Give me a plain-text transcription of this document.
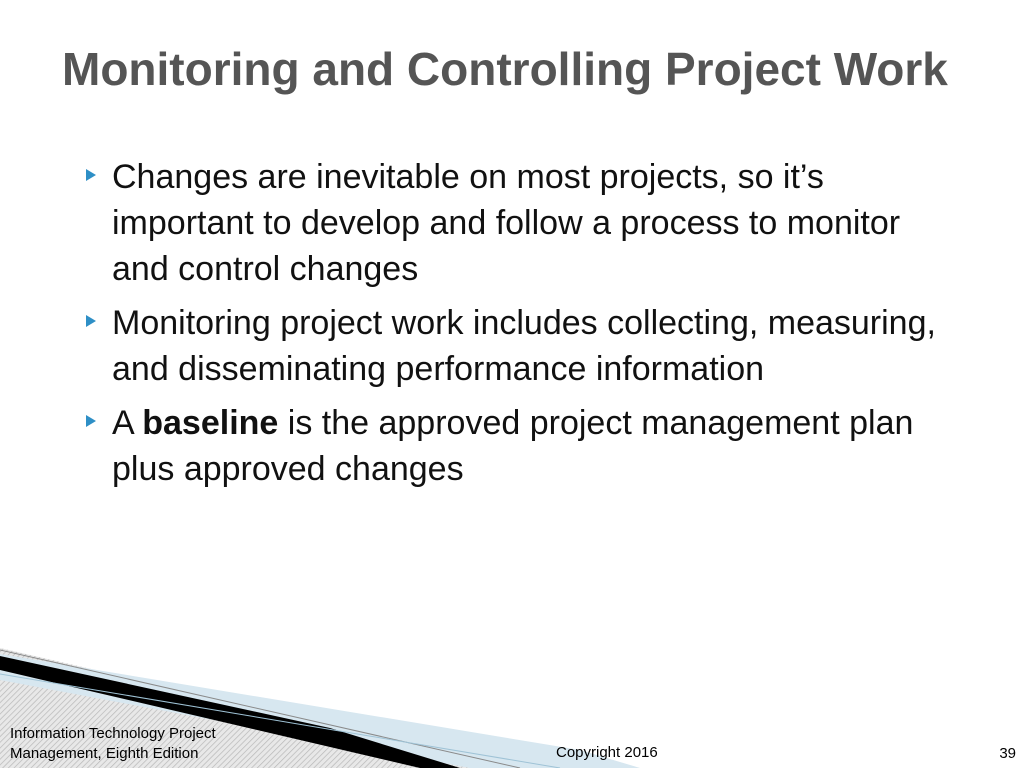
Monitoring and Controlling Project Work
Changes are inevitable on most projects, so it’s important to develop and follow a process to monitor and control changes
Monitoring project work includes collecting, measuring, and disseminating performance information
A baseline is the approved project management plan plus approved changes
Information Technology Project
Management, Eighth Edition	Copyright 2016	39
